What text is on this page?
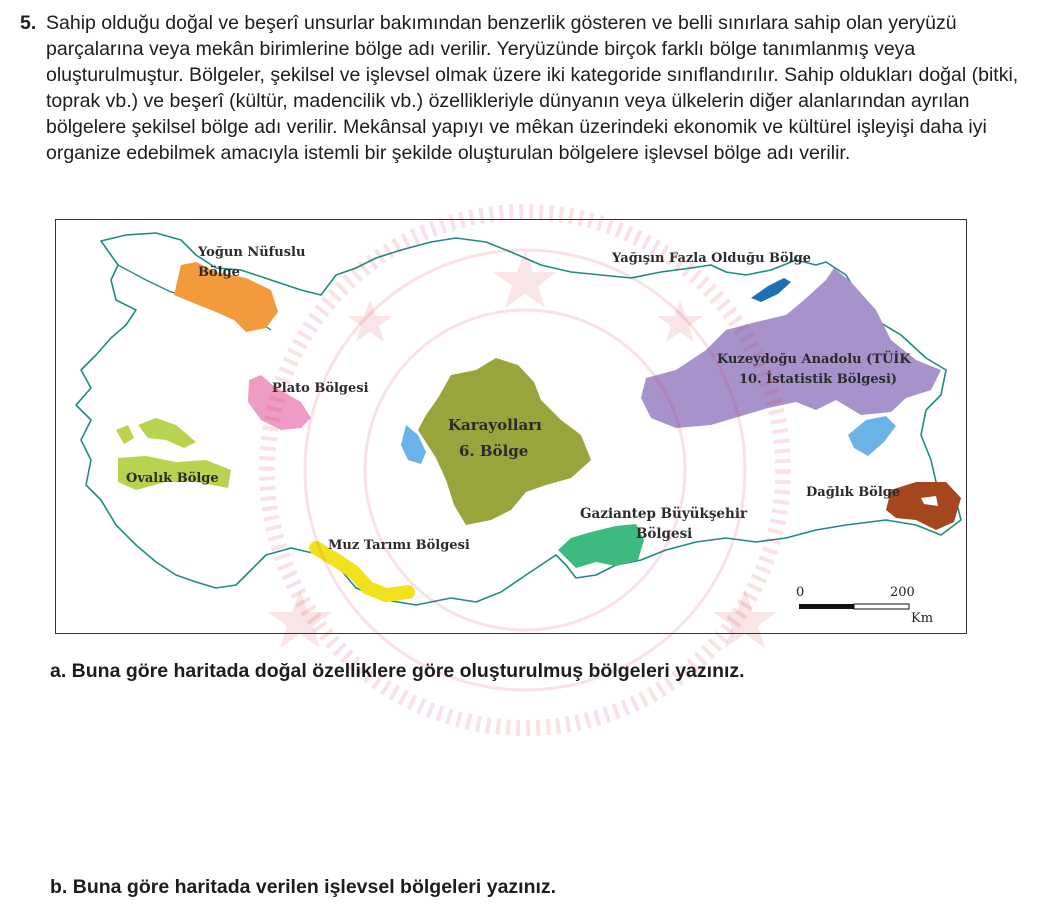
5. Sahip olduğu doğal ve beşerî unsurlar bakımından benzerlik gösteren ve belli sınırlara sahip olan yeryüzü parçalarına veya mekân birimlerine bölge adı verilir. Yeryüzünde birçok farklı bölge tanımlanmış veya oluşturulmuştur. Bölgeler, şekilsel ve işlevsel olmak üzere iki kategoride sınıflandırılır. Sahip oldukları doğal (bitki, toprak vb.) ve beşerî (kültür, madencilik vb.) özellikleriyle dünyanın veya ülkelerin diğer alanlarından ayrılan bölgelere şekilsel bölge adı verilir. Mekânsal yapıyı ve mêkan üzerindeki ekonomik ve kültürel işleyişi daha iyi organize edebilmek amacıyla istemli bir şekilde oluşturulan bölgelere işlevsel bölge adı verilir.
Yoğun Nüfuslu
Bölge
Plato Bölgesi
Ovalık Bölge
Muz Tarımı Bölgesi
Karayolları
6. Bölge
Yağışın Fazla Olduğu Bölge
Kuzeydoğu Anadolu (TÜİK
10. İstatistik Bölgesi)
Gaziantep Büyükşehir
Bölgesi
Dağlık Bölge
0	200
Km
a. Buna göre haritada doğal özelliklere göre oluşturulmuş bölgeleri yazınız.
b. Buna göre haritada verilen işlevsel bölgeleri yazınız.
